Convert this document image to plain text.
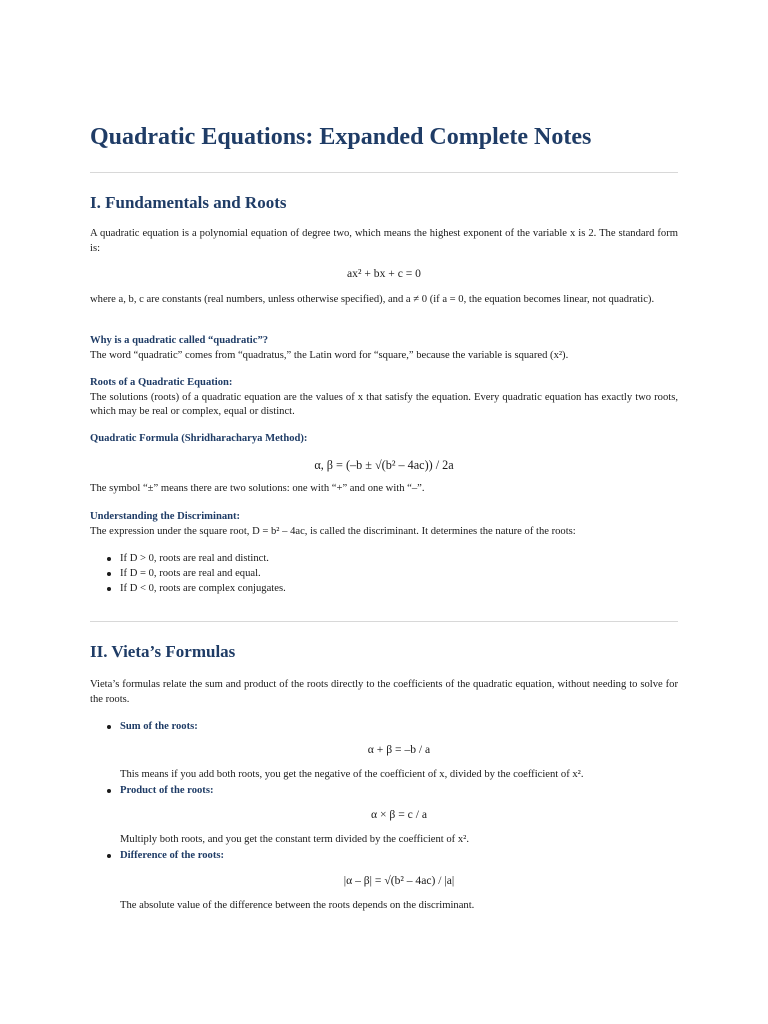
Quadratic Equations: Expanded Complete Notes
I. Fundamentals and Roots

A quadratic equation is a polynomial equation of degree two, which means the highest exponent of the variable x is 2. The standard form is:

ax² + bx + c = 0

where a, b, c are constants (real numbers, unless otherwise specified), and a ≠ 0 (if a = 0, the equation becomes linear, not quadratic).

Why is a quadratic called “quadratic”?
The word “quadratic” comes from “quadratus,” the Latin word for “square,” because the variable is squared (x²).
Roots of a Quadratic Equation:
The solutions (roots) of a quadratic equation are the values of x that satisfy the equation. Every quadratic equation has exactly two roots, which may be real or complex, equal or distinct.
Quadratic Formula (Shridharacharya Method):

α, β = (–b ± √(b² – 4ac)) / 2a

The symbol “±” means there are two solutions: one with “+” and one with “–”.

Understanding the Discriminant:
The expression under the square root, D = b² – 4ac, is called the discriminant. It determines the nature of the roots:
If D > 0, roots are real and distinct.
If D = 0, roots are real and equal.
If D < 0, roots are complex conjugates.
II. Vieta’s Formulas

Vieta’s formulas relate the sum and product of the roots directly to the coefficients of the quadratic equation, without needing to solve for the roots.

Sum of the roots:
α + β = –b / a
This means if you add both roots, you get the negative of the coefficient of x, divided by the coefficient of x².
Product of the roots:
α × β = c / a
Multiply both roots, and you get the constant term divided by the coefficient of x².
Difference of the roots:
|α – β| = √(b² – 4ac) / |a|
The absolute value of the difference between the roots depends on the discriminant.
